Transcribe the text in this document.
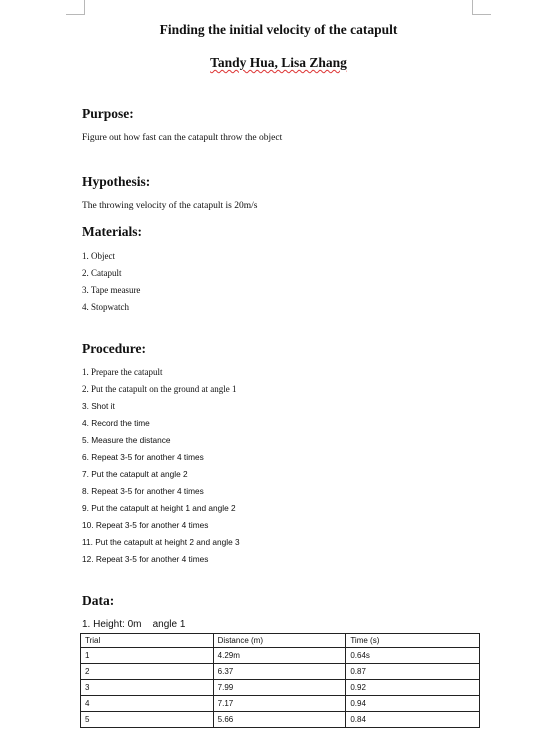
Finding the initial velocity of the catapult
Tandy Hua, Lisa Zhang
Purpose:
Figure out how fast can the catapult throw the object
Hypothesis:
The throwing velocity of the catapult is 20m/s
Materials:
1. Object
2. Catapult
3. Tape measure
4. Stopwatch
Procedure:
1. Prepare the catapult
2. Put the catapult on the ground at angle 1
3. Shot it
4. Record the time
5. Measure the distance
6. Repeat 3-5 for another 4 times
7. Put the catapult at angle 2
8. Repeat 3-5 for another 4 times
9. Put the catapult at height 1 and angle 2
10. Repeat 3-5 for another 4 times
11. Put the catapult at height 2 and angle 3
12. Repeat 3-5 for another 4 times
Data:
1. Height: 0m    angle 1
Trial	Distance (m)	Time (s)
1	4.29m	0.64s
2	6.37	0.87
3	7.99	0.92
4	7.17	0.94
5	5.66	0.84
